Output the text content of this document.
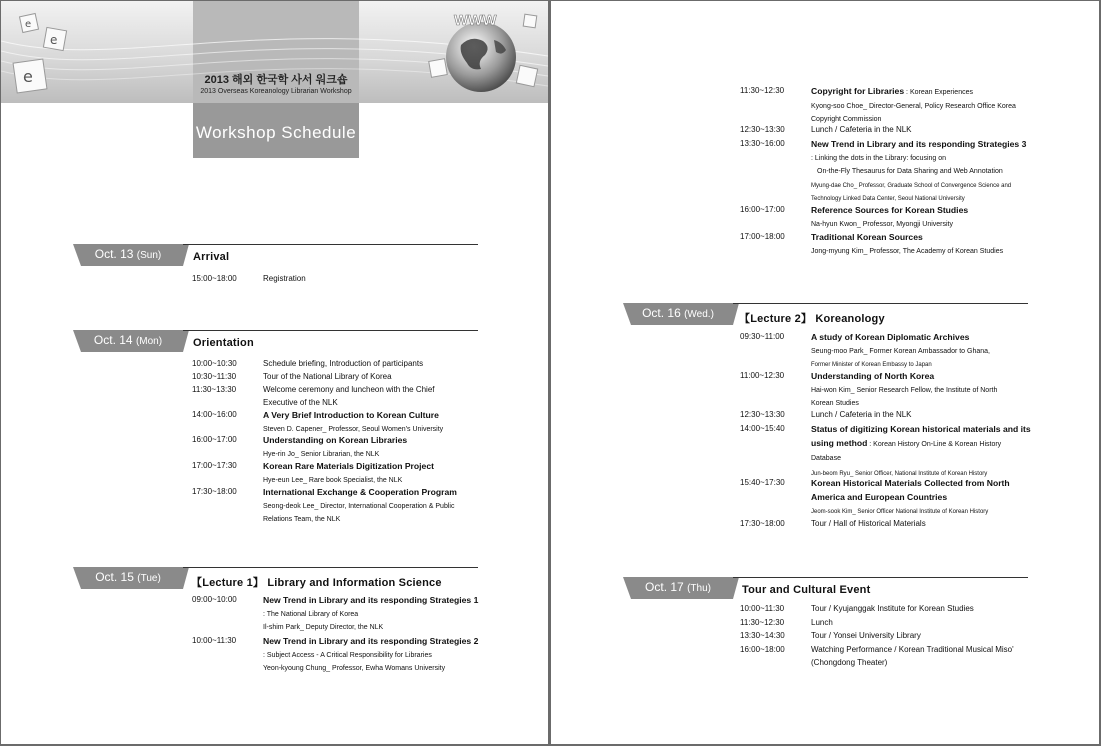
e
e
e	2013 해외 한국학 사서 워크숍
2013 Overseas Koreanology Librarian Workshop
WWW
Workshop Schedule
Oct. 13 (Sun)	Arrival
15:00~18:00	Registration
Oct. 14 (Mon)	Orientation
10:00~10:30	Schedule briefing, Introduction of participants
10:30~11:30	Tour of the National Library of Korea
11:30~13:30	Welcome ceremony and luncheon with the Chief Executive of the NLK
14:00~16:00	A Very Brief Introduction to Korean Culture
Steven D. Capener_ Professor, Seoul Women's University
16:00~17:00	Understanding on Korean Libraries
Hye-rin Jo_ Senior Librarian, the NLK
17:00~17:30	Korean Rare Materials Digitization Project
Hye-eun Lee_ Rare book Specialist, the NLK
17:30~18:00	International Exchange & Cooperation Program
Seong-deok Lee_ Director, International Cooperation & Public Relations Team, the NLK
Oct. 15 (Tue)	【Lecture 1】 Library and Information Science
09:00~10:00	New Trend in Library and its responding Strategies 1
: The National Library of Korea
Il-shim Park_ Deputy Director, the NLK
10:00~11:30	New Trend in Library and its responding Strategies 2
: Subject Access - A Critical Responsibility for Libraries
Yeon-kyoung Chung_ Professor, Ewha Womans University
11:30~12:30	Copyright for Libraries : Korean Experiences
Kyong-soo Choe_ Director-General, Policy Research Office Korea Copyright Commission
12:30~13:30	Lunch / Cafeteria in the NLK
13:30~16:00	New Trend in Library and its responding Strategies 3
: Linking the dots in the Library: focusing on
On-the-Fly Thesaurus for Data Sharing and Web Annotation
Myung-dae Cho_ Professor, Graduate School of Convergence Science and Technology Linked Data Center, Seoul National University
16:00~17:00	Reference Sources for Korean Studies
Na-hyun Kwon_ Professor, Myongji University
17:00~18:00	Traditional Korean Sources
Jong-myung Kim_ Professor, The Academy of Korean Studies
Oct. 16 (Wed.)	【Lecture 2】 Koreanology
09:30~11:00	A study of Korean Diplomatic Archives
Seung-moo Park_ Former Korean Ambassador to Ghana,
Former Minister of Korean Embassy to Japan
11:00~12:30	Understanding of North Korea
Hai-won Kim_ Senior Research Fellow, the Institute of North Korean Studies
12:30~13:30	Lunch / Cafeteria in the NLK
14:00~15:40	Status of digitizing Korean historical materials and its using method : Korean History On-Line & Korean History Database
Jun-beom Ryu_ Senior Officer, National Institute of Korean History
15:40~17:30	Korean Historical Materials Collected from North America and European Countries
Jeom-sook Kim_ Senior Officer National Institute of Korean History
17:30~18:00	Tour / Hall of Historical Materials
Oct. 17 (Thu)	Tour and Cultural Event
10:00~11:30	Tour / Kyujanggak Institute for Korean Studies
11:30~12:30	Lunch
13:30~14:30	Tour / Yonsei University Library
16:00~18:00	Watching Performance / Korean Traditional Musical Miso' (Chongdong Theater)
